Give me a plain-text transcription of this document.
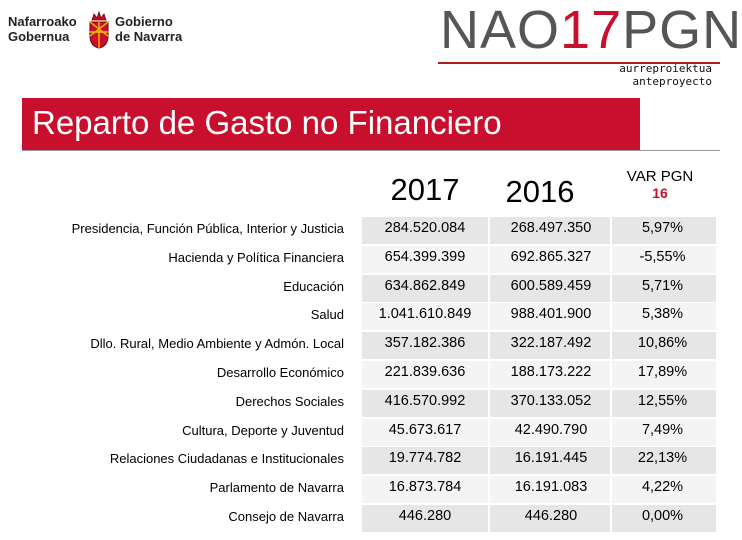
Nafarroako
Gobernua
Gobierno
de Navarra	NAO17PGN
aurreproiektua
anteproyecto
Reparto de Gasto no Financiero
2017	2016	VAR PGN
16
Presidencia, Función Pública, Interior y Justicia	284.520.084	268.497.350	5,97%
Hacienda y Política Financiera	654.399.399	692.865.327	-5,55%
Educación	634.862.849	600.589.459	5,71%
Salud	1.041.610.849	988.401.900	5,38%
Dllo. Rural, Medio Ambiente y Admón. Local	357.182.386	322.187.492	10,86%
Desarrollo Económico	221.839.636	188.173.222	17,89%
Derechos Sociales	416.570.992	370.133.052	12,55%
Cultura, Deporte y Juventud	45.673.617	42.490.790	7,49%
Relaciones Ciudadanas e Institucionales	19.774.782	16.191.445	22,13%
Parlamento de Navarra	16.873.784	16.191.083	4,22%
Consejo de Navarra	446.280	446.280	0,00%
